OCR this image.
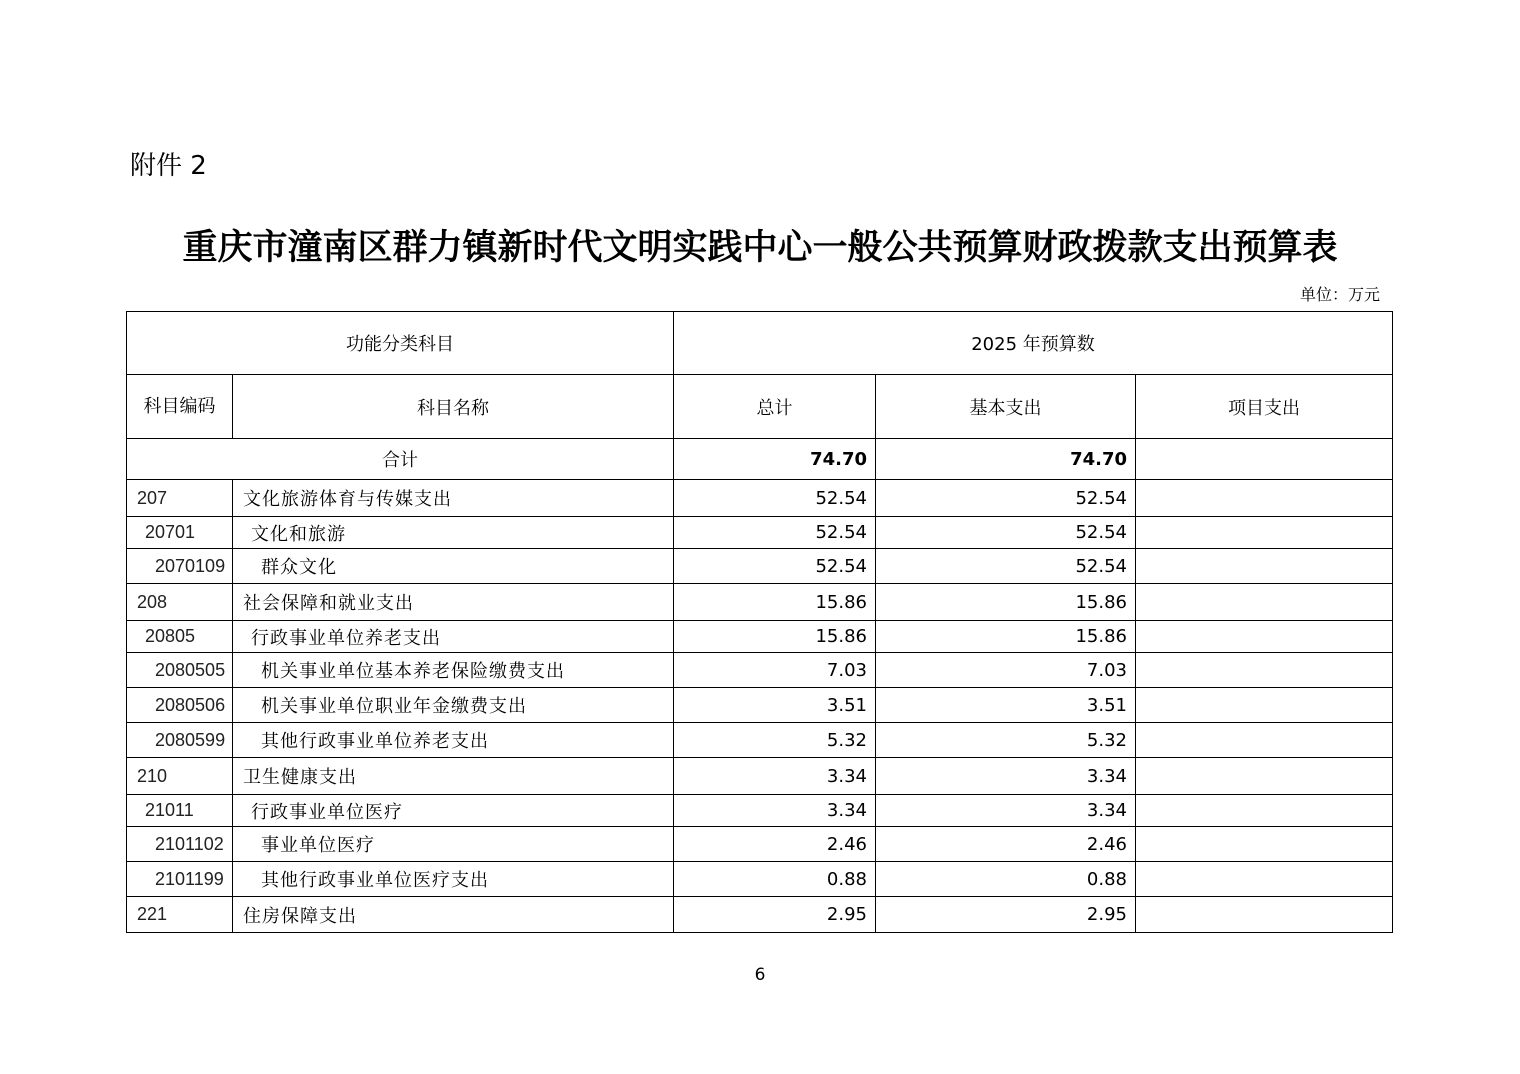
附件 2
重庆市潼南区群力镇新时代文明实践中心一般公共预算财政拨款支出预算表
单位：万元
功能分类科目		2025 年预算数		
科目编码	科目名称	总计	基本支出	项目支出
合计		74.70	74.70	
207	文化旅游体育与传媒支出	52.54	52.54	
20701	文化和旅游	52.54	52.54	
2070109	群众文化	52.54	52.54	
208	社会保障和就业支出	15.86	15.86	
20805	行政事业单位养老支出	15.86	15.86	
2080505	机关事业单位基本养老保险缴费支出	7.03	7.03	
2080506	机关事业单位职业年金缴费支出	3.51	3.51	
2080599	其他行政事业单位养老支出	5.32	5.32	
210	卫生健康支出	3.34	3.34	
21011	行政事业单位医疗	3.34	3.34	
2101102	事业单位医疗	2.46	2.46	
2101199	其他行政事业单位医疗支出	0.88	0.88	
221	住房保障支出	2.95	2.95	
6
